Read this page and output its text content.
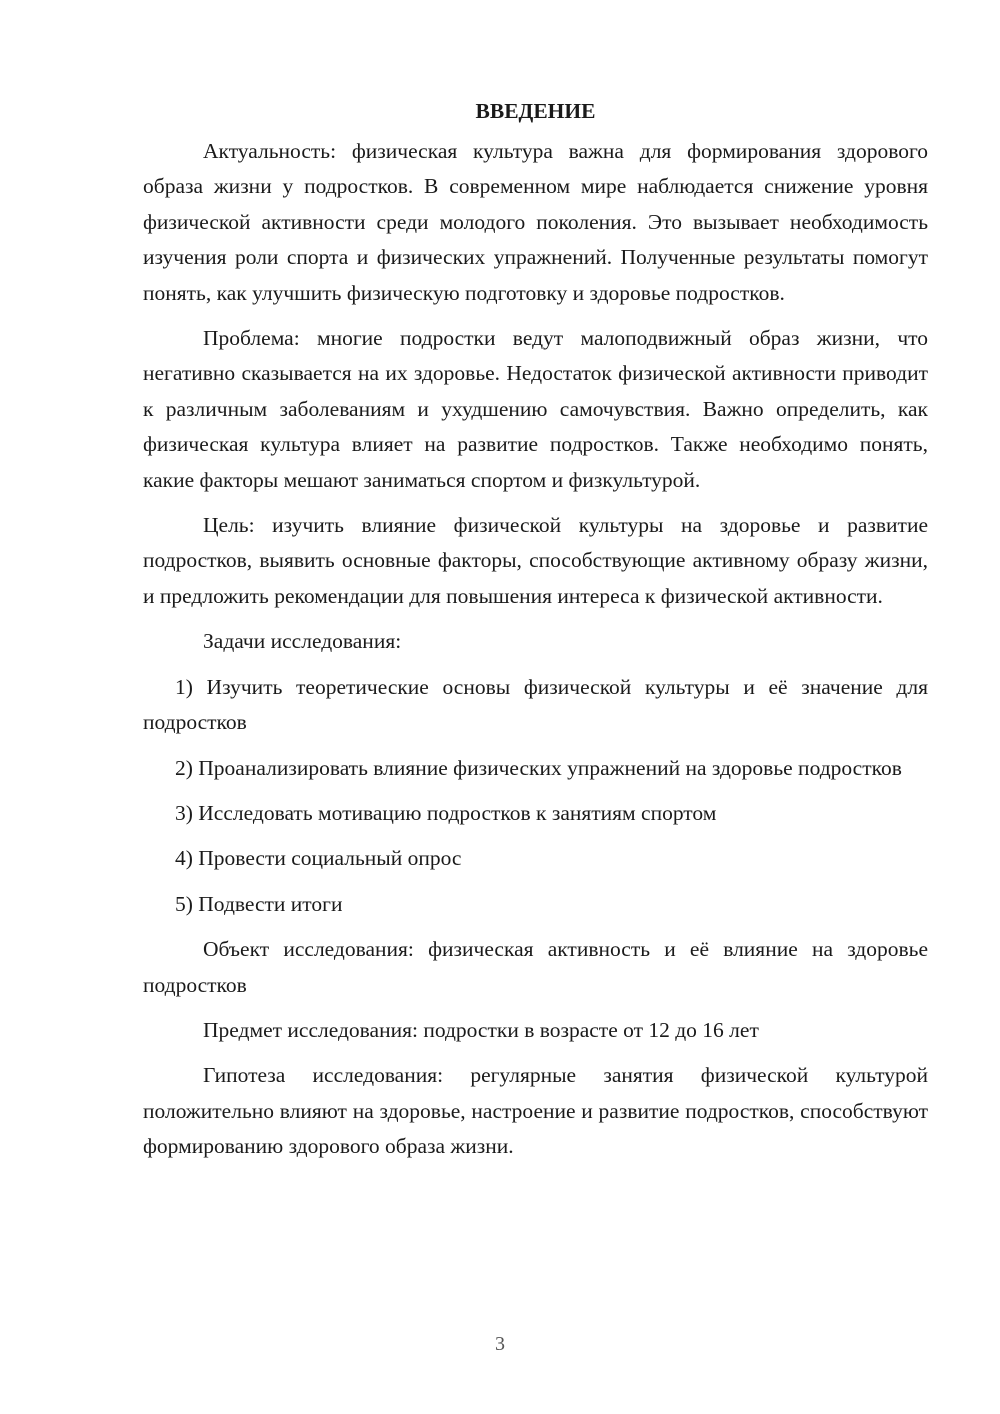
ВВЕДЕНИЕ

Актуальность: физическая культура важна для формирования здорового образа жизни у подростков. В современном мире наблюдается снижение уровня физической активности среди молодого поколения. Это вызывает необходимость изучения роли спорта и физических упражнений. Полученные результаты помогут понять, как улучшить физическую подготовку и здоровье подростков.

Проблема: многие подростки ведут малоподвижный образ жизни, что негативно сказывается на их здоровье. Недостаток физической активности приводит к различным заболеваниям и ухудшению самочувствия. Важно определить, как физическая культура влияет на развитие подростков. Также необходимо понять, какие факторы мешают заниматься спортом и физкультурой.

Цель: изучить влияние физической культуры на здоровье и развитие подростков, выявить основные факторы, способствующие активному образу жизни, и предложить рекомендации для повышения интереса к физической активности.

Задачи исследования:

1) Изучить теоретические основы физической культуры и её значение для подростков

2) Проанализировать влияние физических упражнений на здоровье подростков

3) Исследовать мотивацию подростков к занятиям спортом

4) Провести социальный опрос

5) Подвести итоги

Объект исследования: физическая активность и её влияние на здоровье подростков

Предмет исследования: подростки в возрасте от 12 до 16 лет

Гипотеза исследования: регулярные занятия физической культурой положительно влияют на здоровье, настроение и развитие подростков, способствуют формированию здорового образа жизни.

3
